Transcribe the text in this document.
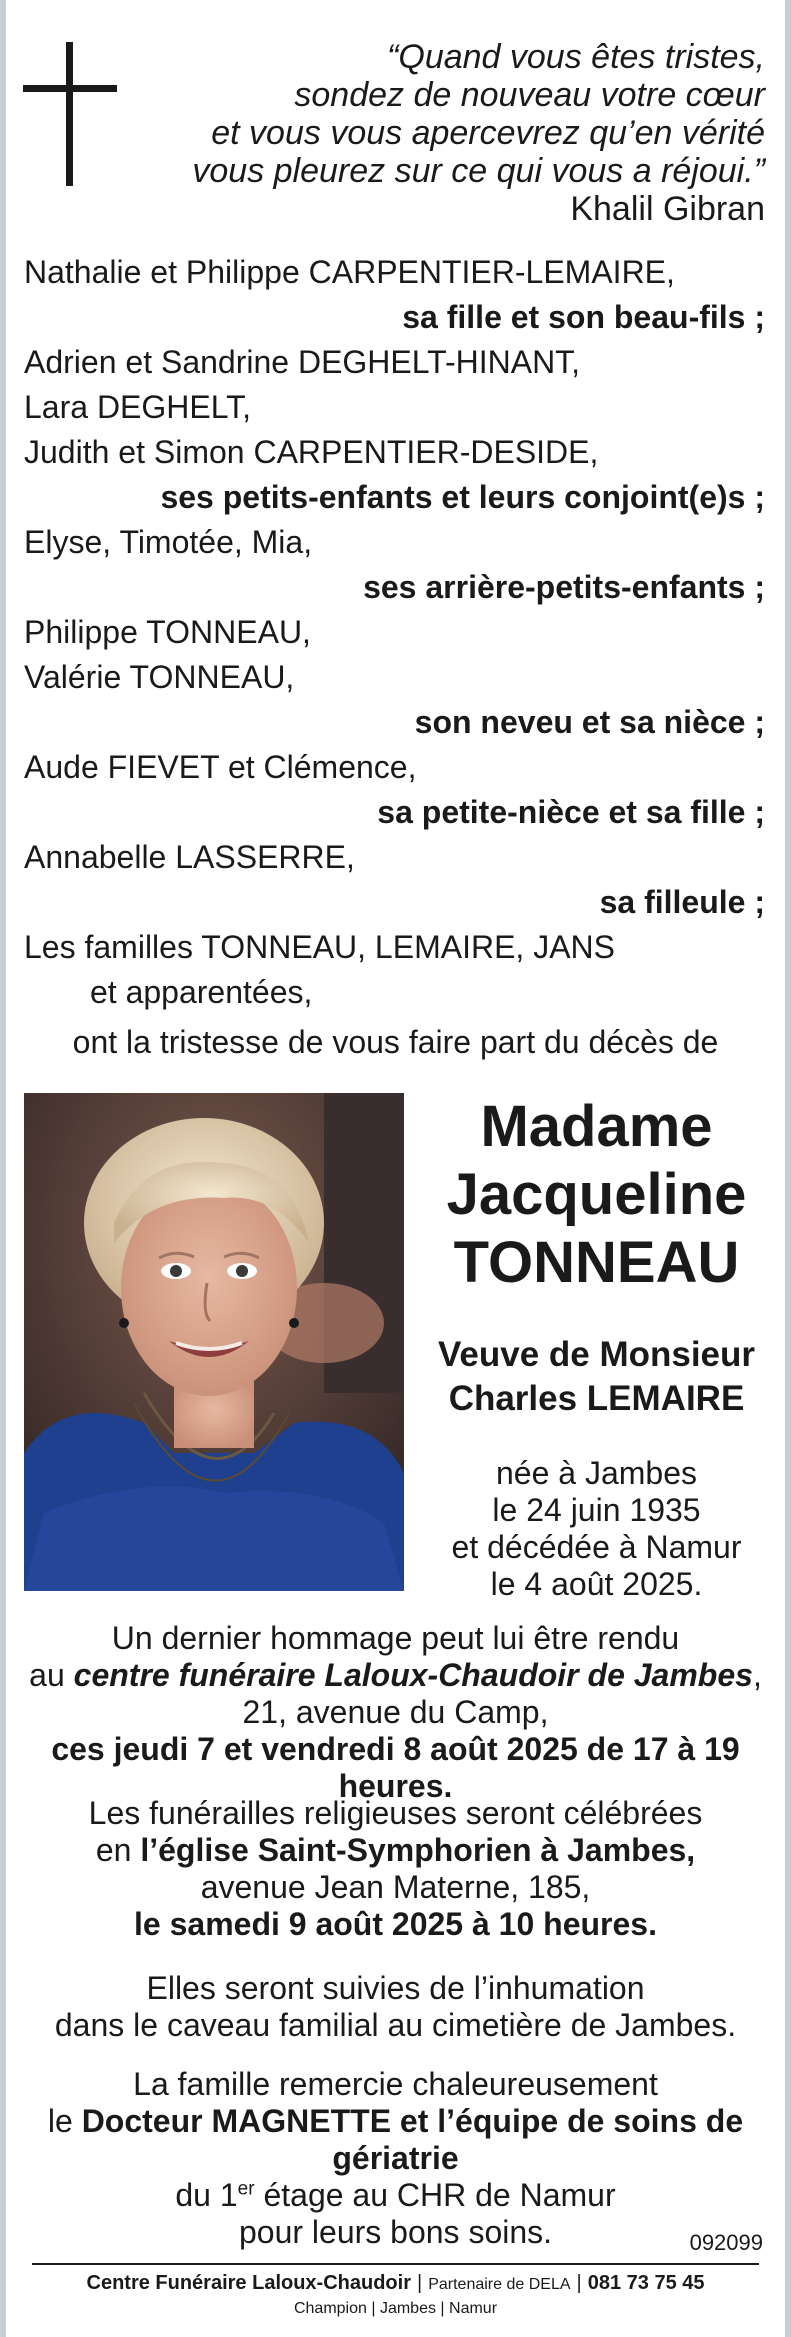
“Quand vous êtes tristes,
sondez de nouveau votre cœur
et vous vous apercevrez qu’en vérité
vous pleurez sur ce qui vous a réjoui.”
Khalil Gibran
Nathalie et Philippe CARPENTIER-LEMAIRE,
sa fille et son beau-fils ;
Adrien et Sandrine DEGHELT-HINANT,
Lara DEGHELT,
Judith et Simon CARPENTIER-DESIDE,
ses petits-enfants et leurs conjoint(e)s ;
Elyse, Timotée, Mia,
ses arrière-petits-enfants ;
Philippe TONNEAU,
Valérie TONNEAU,
son neveu et sa nièce ;
Aude FIEVET et Clémence,
sa petite-nièce et sa fille ;
Annabelle LASSERRE,
sa filleule ;
Les familles TONNEAU, LEMAIRE, JANS
et apparentées,
ont la tristesse de vous faire part du décès de
Madame
Jacqueline
TONNEAU
Veuve de Monsieur
Charles LEMAIRE
née à Jambes
le 24 juin 1935
et décédée à Namur
le 4 août 2025.
Un dernier hommage peut lui être rendu
au centre funéraire Laloux-Chaudoir de Jambes,
21, avenue du Camp,
ces jeudi 7 et vendredi 8 août 2025 de 17 à 19 heures.
Les funérailles religieuses seront célébrées
en l’église Saint-Symphorien à Jambes,
avenue Jean Materne, 185,
le samedi 9 août 2025 à 10 heures.
Elles seront suivies de l’inhumation
dans le caveau familial au cimetière de Jambes.
La famille remercie chaleureusement
le Docteur MAGNETTE et l’équipe de soins de gériatrie
du 1er étage au CHR de Namur
pour leurs bons soins.	092099
Centre Funéraire Laloux-Chaudoir | Partenaire de DELA | 081 73 75 45
Champion | Jambes | Namur
